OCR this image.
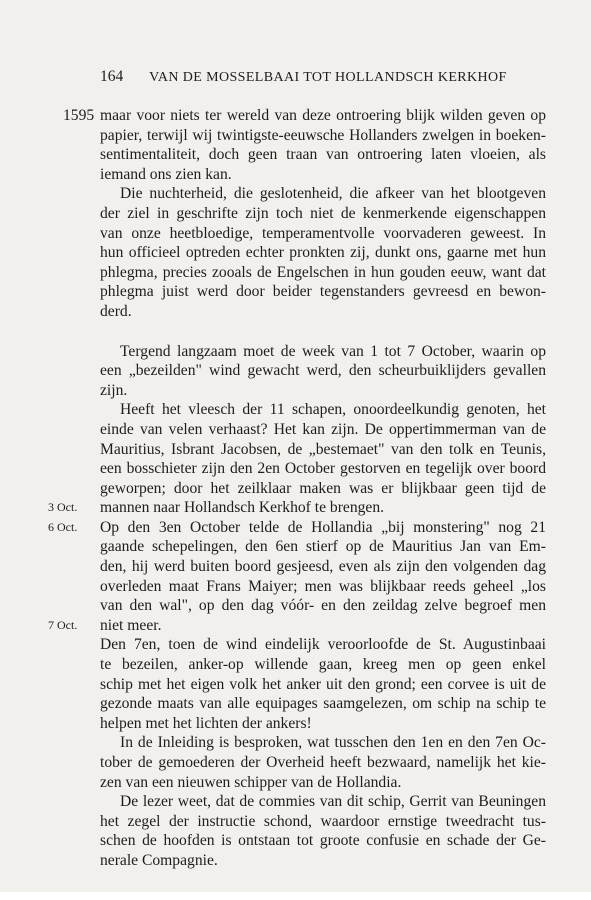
164 VAN DE MOSSELBAAI TOT HOLLANDSCH KERKHOF
1595
3 Oct.
6 Oct.
7 Oct.

maar voor niets ter wereld van deze ontroering blijk wilden geven op
papier, terwijl wij twintigste-eeuwsche Hollanders zwelgen in boeken-
sentimentaliteit, doch geen traan van ontroering laten vloeien, als
iemand ons zien kan.

Die nuchterheid, die geslotenheid, die afkeer van het blootgeven
der ziel in geschrifte zijn toch niet de kenmerkende eigenschappen
van onze heetbloedige, temperamentvolle voorvaderen geweest. In
hun officieel optreden echter pronkten zij, dunkt ons, gaarne met hun
phlegma, precies zooals de Engelschen in hun gouden eeuw, want dat
phlegma juist werd door beider tegenstanders gevreesd en bewon-
derd.

Tergend langzaam moet de week van 1 tot 7 October, waarin op
een „bezeilden" wind gewacht werd, den scheurbuiklijders gevallen
zijn.

Heeft het vleesch der 11 schapen, onoordeelkundig genoten, het
einde van velen verhaast? Het kan zijn. De oppertimmerman van de
Mauritius, Isbrant Jacobsen, de „bestemaet" van den tolk en Teunis,
een bosschieter zijn den 2en October gestorven en tegelijk over boord
geworpen; door het zeilklaar maken was er blijkbaar geen tijd de
mannen naar Hollandsch Kerkhof te brengen.

Op den 3en October telde de Hollandia „bij monstering" nog 21
gaande schepelingen, den 6en stierf op de Mauritius Jan van Em-
den, hij werd buiten boord gesjeesd, even als zijn den volgenden dag
overleden maat Frans Maiyer; men was blijkbaar reeds geheel „los
van den wal", op den dag vóór- en den zeildag zelve begroef men
niet meer.

Den 7en, toen de wind eindelijk veroorloofde de St. Augustinbaai
te bezeilen, anker-op willende gaan, kreeg men op geen enkel
schip met het eigen volk het anker uit den grond; een corvee is uit de
gezonde maats van alle equipages saamgelezen, om schip na schip te
helpen met het lichten der ankers!

In de Inleiding is besproken, wat tusschen den 1en en den 7en Oc-
tober de gemoederen der Overheid heeft bezwaard, namelijk het kie-
zen van een nieuwen schipper van de Hollandia.

De lezer weet, dat de commies van dit schip, Gerrit van Beuningen
het zegel der instructie schond, waardoor ernstige tweedracht tus-
schen de hoofden is ontstaan tot groote confusie en schade der Ge-
nerale Compagnie.
